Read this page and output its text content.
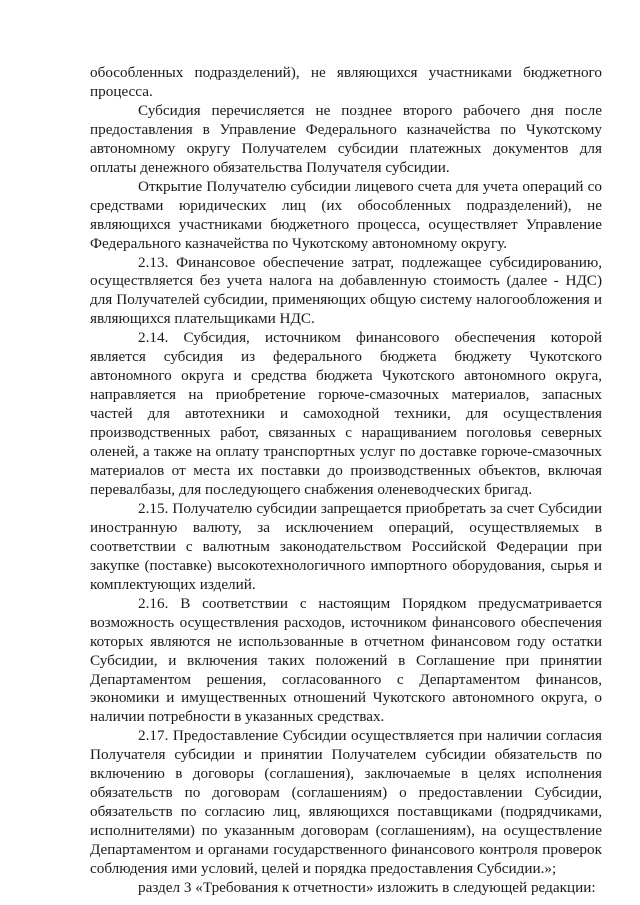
обособленных подразделений), не являющихся участниками бюджетного процесса.

Субсидия перечисляется не позднее второго рабочего дня после предоставления в Управление Федерального казначейства по Чукотскому автономному округу Получателем субсидии платежных документов для оплаты денежного обязательства Получателя субсидии.

Открытие Получателю субсидии лицевого счета для учета операций со средствами юридических лиц (их обособленных подразделений), не являющихся участниками бюджетного процесса, осуществляет Управление Федерального казначейства по Чукотскому автономному округу.

2.13. Финансовое обеспечение затрат, подлежащее субсидированию, осуществляется без учета налога на добавленную стоимость (далее - НДС) для Получателей субсидии, применяющих общую систему налогообложения и являющихся плательщиками НДС.

2.14. Субсидия, источником финансового обеспечения которой является субсидия из федерального бюджета бюджету Чукотского автономного округа и средства бюджета Чукотского автономного округа, направляется на приобретение горюче-смазочных материалов, запасных частей для автотехники и самоходной техники, для осуществления производственных работ, связанных с наращиванием поголовья северных оленей, а также на оплату транспортных услуг по доставке горюче-смазочных материалов от места их поставки до производственных объектов, включая перевалбазы, для последующего снабжения оленеводческих бригад.

2.15. Получателю субсидии запрещается приобретать за счет Субсидии иностранную валюту, за исключением операций, осуществляемых в соответствии с валютным законодательством Российской Федерации при закупке (поставке) высокотехнологичного импортного оборудования, сырья и комплектующих изделий.

2.16. В соответствии с настоящим Порядком предусматривается возможность осуществления расходов, источником финансового обеспечения которых являются не использованные в отчетном финансовом году остатки Субсидии, и включения таких положений в Соглашение при принятии Департаментом решения, согласованного с Департаментом финансов, экономики и имущественных отношений Чукотского автономного округа, о наличии потребности в указанных средствах.

2.17. Предоставление Субсидии осуществляется при наличии согласия Получателя субсидии и принятии Получателем субсидии обязательств по включению в договоры (соглашения), заключаемые в целях исполнения обязательств по договорам (соглашениям) о предоставлении Субсидии, обязательств по согласию лиц, являющихся поставщиками (подрядчиками, исполнителями) по указанным договорам (соглашениям), на осуществление Департаментом и органами государственного финансового контроля проверок соблюдения ими условий, целей и порядка предоставления Субсидии.»;

раздел 3 «Требования к отчетности» изложить в следующей редакции:
